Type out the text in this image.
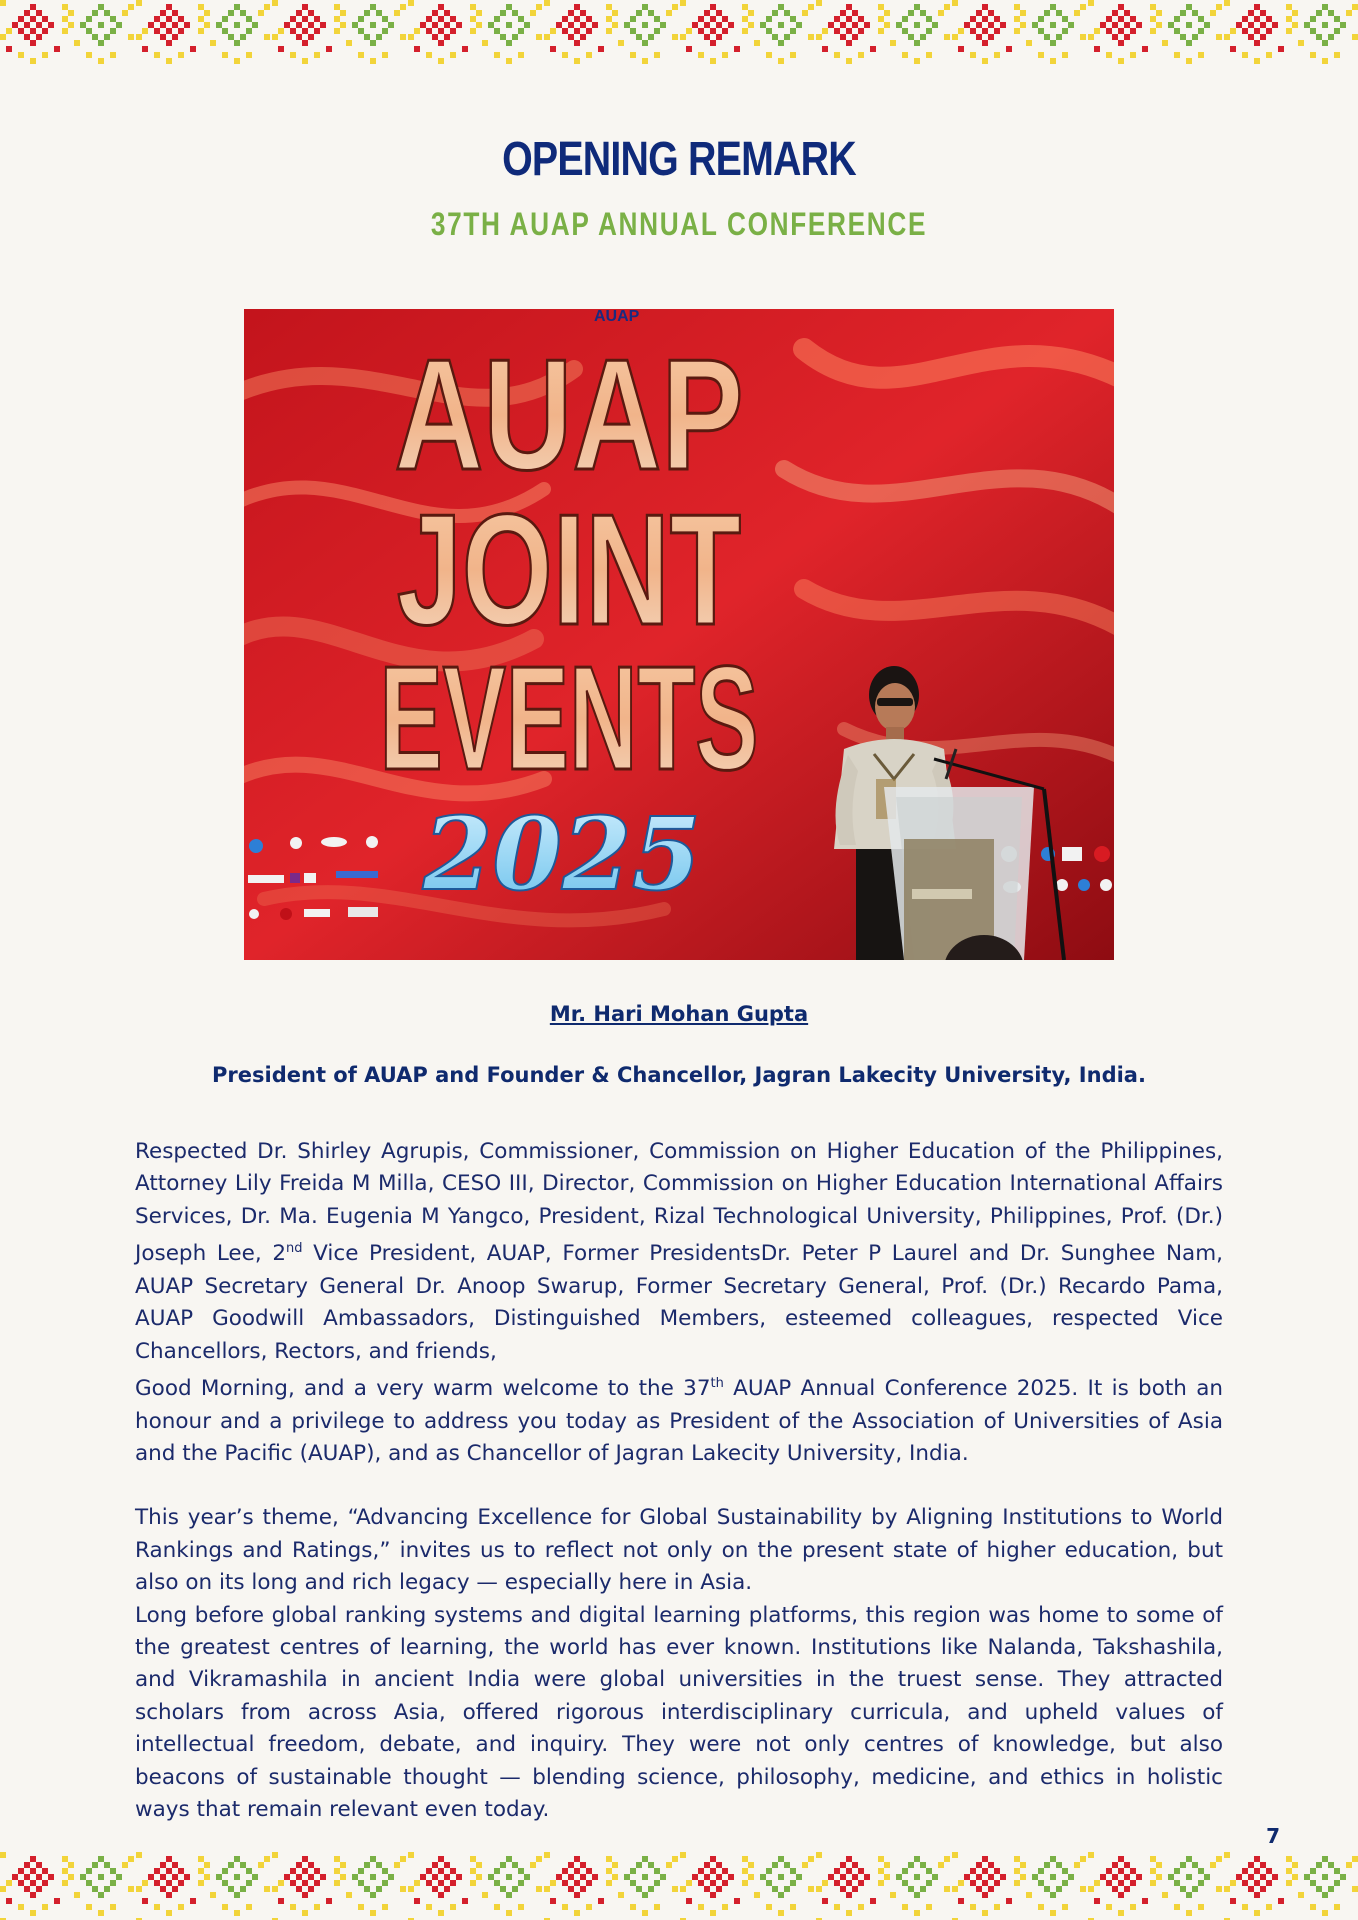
OPENING REMARK
37TH AUAP ANNUAL CONFERENCE
AUAP
AUAP
JOINT
EVENTS
2025
Mr. Hari Mohan Gupta
President of AUAP and Founder & Chancellor, Jagran Lakecity University, India.

Respected Dr. Shirley Agrupis, Commissioner, Commission on Higher Education of the Philippines, Attorney Lily Freida M Milla, CESO III, Director, Commission on Higher Education International Affairs Services, Dr. Ma. Eugenia M Yangco, President, Rizal Technological University, Philippines, Prof. (Dr.) Joseph Lee, 2nd Vice President, AUAP, Former PresidentsDr. Peter P Laurel and Dr. Sunghee Nam, AUAP Secretary General Dr. Anoop Swarup, Former Secretary General, Prof. (Dr.) Recardo Pama, AUAP Goodwill Ambassadors, Distinguished Members, esteemed colleagues, respected Vice Chancellors, Rectors, and friends,

Good Morning, and a very warm welcome to the 37th AUAP Annual Conference 2025. It is both an honour and a privilege to address you today as President of the Association of Universities of Asia and the Pacific (AUAP), and as Chancellor of Jagran Lakecity University, India.

This year’s theme, “Advancing Excellence for Global Sustainability by Aligning Institutions to World Rankings and Ratings,” invites us to reflect not only on the present state of higher education, but also on its long and rich legacy — especially here in Asia.

Long before global ranking systems and digital learning platforms, this region was home to some of the greatest centres of learning, the world has ever known. Institutions like Nalanda, Takshashila, and Vikramashila in ancient India were global universities in the truest sense. They attracted scholars from across Asia, offered rigorous interdisciplinary curricula, and upheld values of intellectual freedom, debate, and inquiry. They were not only centres of knowledge, but also beacons of sustainable thought — blending science, philosophy, medicine, and ethics in holistic ways that remain relevant even today.

7
